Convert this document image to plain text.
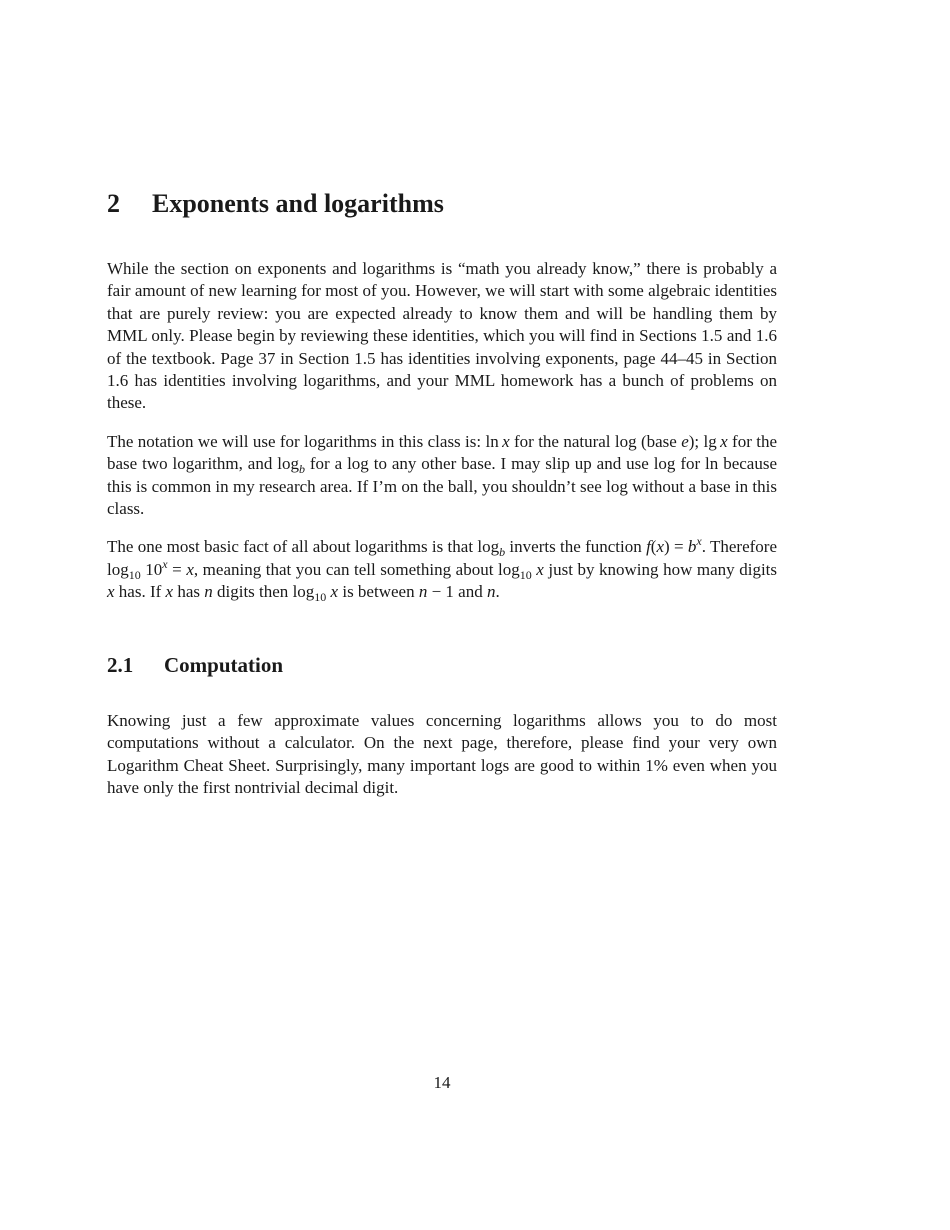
2 Exponents and logarithms

While the section on exponents and logarithms is “math you already know,” there is probably a fair amount of new learning for most of you. However, we will start with some algebraic identities that are purely review: you are expected already to know them and will be handling them by MML only. Please begin by reviewing these identities, which you will find in Sections 1.5 and 1.6 of the textbook. Page 37 in Section 1.5 has identities involving exponents, page 44–45 in Section 1.6 has identities involving logarithms, and your MML homework has a bunch of problems on these.

The notation we will use for logarithms in this class is: ln  x for the natural log (base e); lg  x for the base two logarithm, and $\log_b$ for a log to any other base. I may slip up and use log for ln because this is common in my research area. If I’m on the ball, you shouldn’t see log without a base in this class.

The one most basic fact of all about logarithms is that $\log_b$ inverts the function $f(x) = b^x$. Therefore $\log_{10} 10^x = x$, meaning that you can tell something about $\log_{10} x$ just by knowing how many digits x has. If x has n digits then $\log_{10} x$ is between n − 1 and n.

2.1 Computation

Knowing just a few approximate values concerning logarithms allows you to do most computations without a calculator. On the next page, therefore, please find your very own Logarithm Cheat Sheet. Surprisingly, many important logs are good to within 1% even when you have only the first nontrivial decimal digit.

14
